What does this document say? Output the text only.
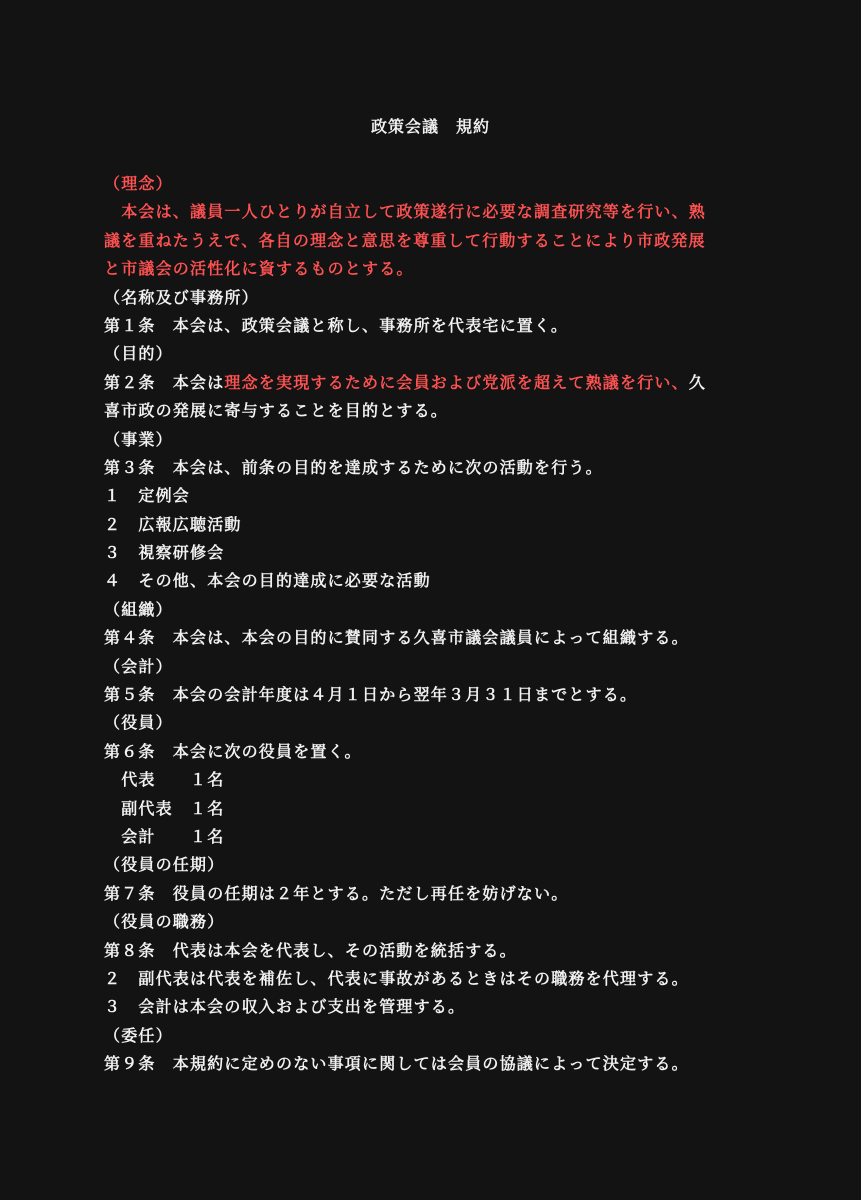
政策会議　規約
（理念）
　本会は、議員一人ひとりが自立して政策遂行に必要な調査研究等を行い、熟
議を重ねたうえで、各自の理念と意思を尊重して行動することにより市政発展
と市議会の活性化に資するものとする。
（名称及び事務所）
第１条　本会は、政策会議と称し、事務所を代表宅に置く。
（目的）
第２条　本会は理念を実現するために会員および党派を超えて熟議を行い、久
喜市政の発展に寄与することを目的とする。
（事業）
第３条　本会は、前条の目的を達成するために次の活動を行う。
１　定例会
２　広報広聴活動
３　視察研修会
４　その他、本会の目的達成に必要な活動
（組織）
第４条　本会は、本会の目的に賛同する久喜市議会議員によって組織する。
（会計）
第５条　本会の会計年度は４月１日から翌年３月３１日までとする。
（役員）
第６条　本会に次の役員を置く。
　代表　　１名
　副代表　１名
　会計　　１名
（役員の任期）
第７条　役員の任期は２年とする。ただし再任を妨げない。
（役員の職務）
第８条　代表は本会を代表し、その活動を統括する。
２　副代表は代表を補佐し、代表に事故があるときはその職務を代理する。
３　会計は本会の収入および支出を管理する。
（委任）
第９条　本規約に定めのない事項に関しては会員の協議によって決定する。
